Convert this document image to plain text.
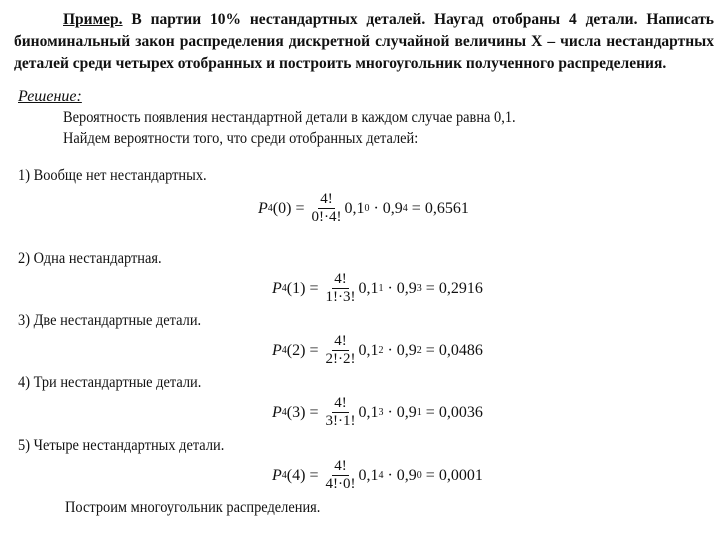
Пример. В партии 10% нестандартных деталей. Наугад отобраны 4 детали. Написать биноминальный закон распределения дискретной случайной величины X – числа нестандартных деталей среди четырех отобранных и построить многоугольник полученного распределения.
Решение:
Вероятность появления нестандартной детали в каждом случае равна 0,1.
Найдем вероятности того, что среди отобранных деталей:
1) Вообще нет нестандартных.
P 4 ( 0 ) = $\frac{4!}{0!\cdot 4!} 0,1$ 0 · 0,9 4 = 0,6561
2) Одна нестандартная.
P 4 ( 1 ) = $\frac{4!}{1!\cdot 3!} 0,1$ 1 · 0,9 3 = 0,2916
3) Две нестандартные детали.
P 4 ( 2 ) = $\frac{4!}{2!\cdot 2!} 0,1$ 2 · 0,9 2 = 0,0486
4) Три нестандартные детали.
P 4 ( 3 ) = $\frac{4!}{3!\cdot 1!} 0,1$ 3 · 0,9 1 = 0,0036
5) Четыре нестандартных детали.
P 4 ( 4 ) = $\frac{4!}{4!\cdot 0!} 0,1$ 4 · 0,9 0 = 0,0001
Построим многоугольник распределения.
